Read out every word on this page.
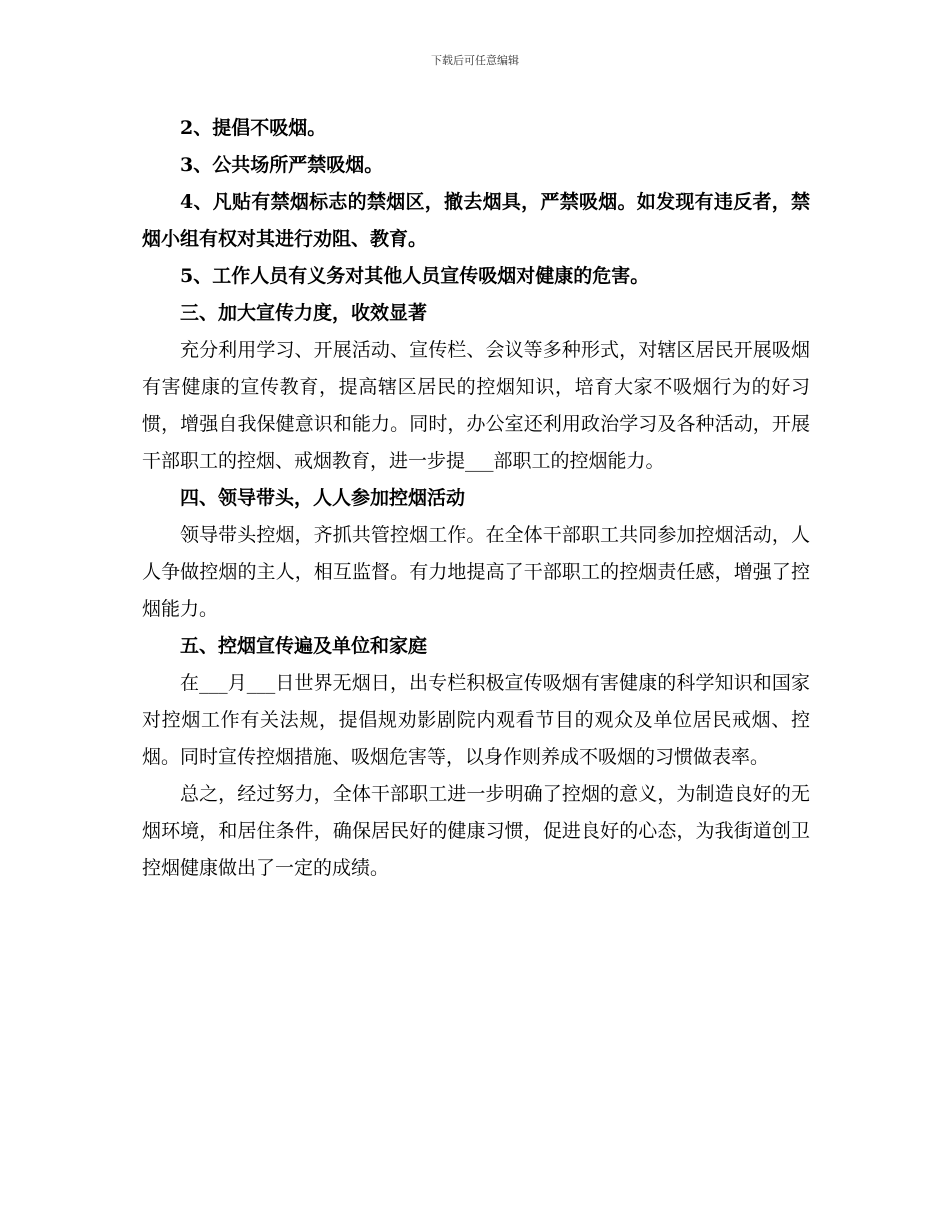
下载后可任意编辑

2、提倡不吸烟。

3、公共场所严禁吸烟。

4、凡贴有禁烟标志的禁烟区，撤去烟具，严禁吸烟。如发现有违反者，禁烟小组有权对其进行劝阻、教育。

5、工作人员有义务对其他人员宣传吸烟对健康的危害。

三、加大宣传力度，收效显著

充分利用学习、开展活动、宣传栏、会议等多种形式，对辖区居民开展吸烟有害健康的宣传教育，提高辖区居民的控烟知识，培育大家不吸烟行为的好习惯，增强自我保健意识和能力。同时，办公室还利用政治学习及各种活动，开展干部职工的控烟、戒烟教育，进一步提___部职工的控烟能力。

四、领导带头，人人参加控烟活动

领导带头控烟，齐抓共管控烟工作。在全体干部职工共同参加控烟活动，人人争做控烟的主人，相互监督。有力地提高了干部职工的控烟责任感，增强了控烟能力。

五、控烟宣传遍及单位和家庭

在___月___日世界无烟日，出专栏积极宣传吸烟有害健康的科学知识和国家对控烟工作有关法规，提倡规劝影剧院内观看节目的观众及单位居民戒烟、控烟。同时宣传控烟措施、吸烟危害等，以身作则养成不吸烟的习惯做表率。

总之，经过努力，全体干部职工进一步明确了控烟的意义，为制造良好的无烟环境，和居住条件，确保居民好的健康习惯，促进良好的心态，为我街道创卫控烟健康做出了一定的成绩。
